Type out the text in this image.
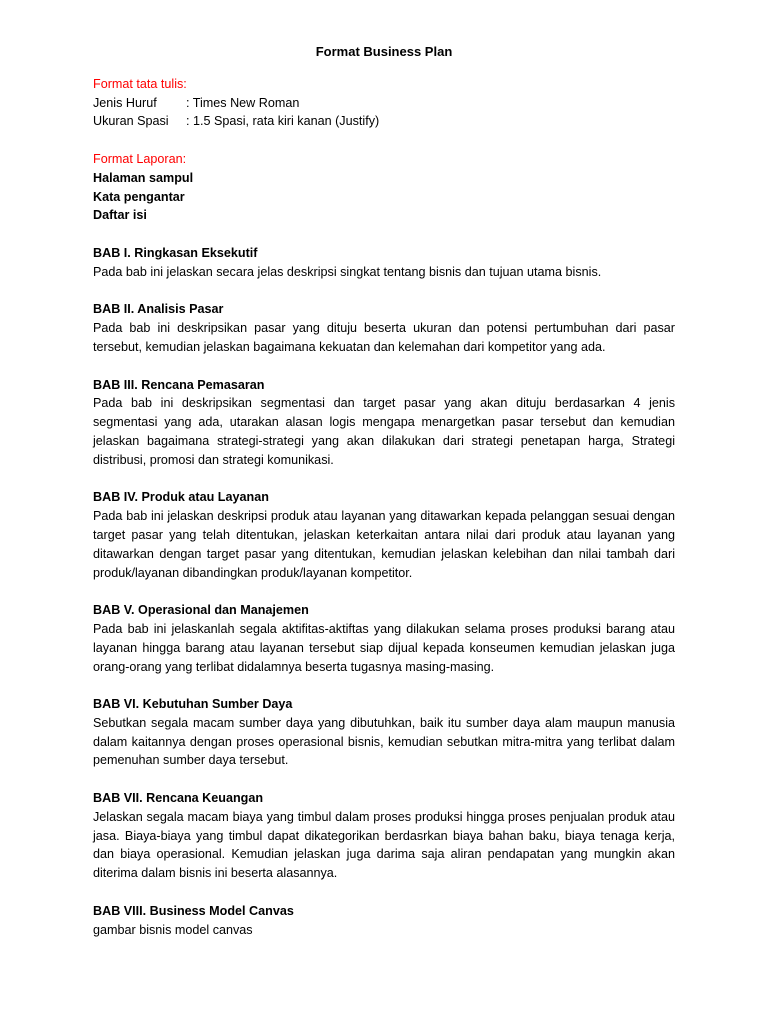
Format Business Plan

Format tata tulis:

Jenis Huruf	: Times New Roman
Ukuran Spasi	: 1.5 Spasi, rata kiri kanan (Justify)

Format Laporan:

Halaman sampul

Kata pengantar

Daftar isi

BAB I. Ringkasan Eksekutif

Pada bab ini jelaskan secara jelas deskripsi singkat tentang bisnis dan tujuan utama bisnis.

BAB II. Analisis Pasar

Pada bab ini deskripsikan pasar yang dituju beserta ukuran dan potensi pertumbuhan dari pasar tersebut, kemudian jelaskan bagaimana kekuatan dan kelemahan dari kompetitor yang ada.

BAB III. Rencana Pemasaran

Pada bab ini deskripsikan segmentasi dan target pasar yang akan dituju berdasarkan 4 jenis segmentasi yang ada, utarakan alasan logis mengapa menargetkan pasar tersebut dan kemudian jelaskan bagaimana strategi-strategi yang akan dilakukan dari strategi penetapan harga, Strategi distribusi, promosi dan strategi komunikasi.

BAB IV. Produk atau Layanan

Pada bab ini jelaskan deskripsi produk atau layanan yang ditawarkan kepada pelanggan sesuai dengan target pasar yang telah ditentukan, jelaskan keterkaitan antara nilai dari produk atau layanan yang ditawarkan dengan target pasar yang ditentukan, kemudian jelaskan kelebihan dan nilai tambah dari produk/layanan dibandingkan produk/layanan kompetitor.

BAB V. Operasional dan Manajemen

Pada bab ini jelaskanlah segala aktifitas-aktiftas yang dilakukan selama proses produksi barang atau layanan hingga barang atau layanan tersebut siap dijual kepada konseumen kemudian jelaskan juga orang-orang yang terlibat didalamnya beserta tugasnya masing-masing.

BAB VI. Kebutuhan Sumber Daya

Sebutkan segala macam sumber daya yang dibutuhkan, baik itu sumber daya alam maupun manusia dalam kaitannya dengan proses operasional bisnis, kemudian sebutkan mitra-mitra yang terlibat dalam pemenuhan sumber daya tersebut.

BAB VII. Rencana Keuangan

Jelaskan segala macam biaya yang timbul dalam proses produksi hingga proses penjualan produk atau jasa. Biaya-biaya yang timbul dapat dikategorikan berdasrkan biaya bahan baku, biaya tenaga kerja, dan biaya operasional. Kemudian jelaskan juga darima saja aliran pendapatan yang mungkin akan diterima dalam bisnis ini beserta alasannya.

BAB VIII. Business Model Canvas

gambar bisnis model canvas
